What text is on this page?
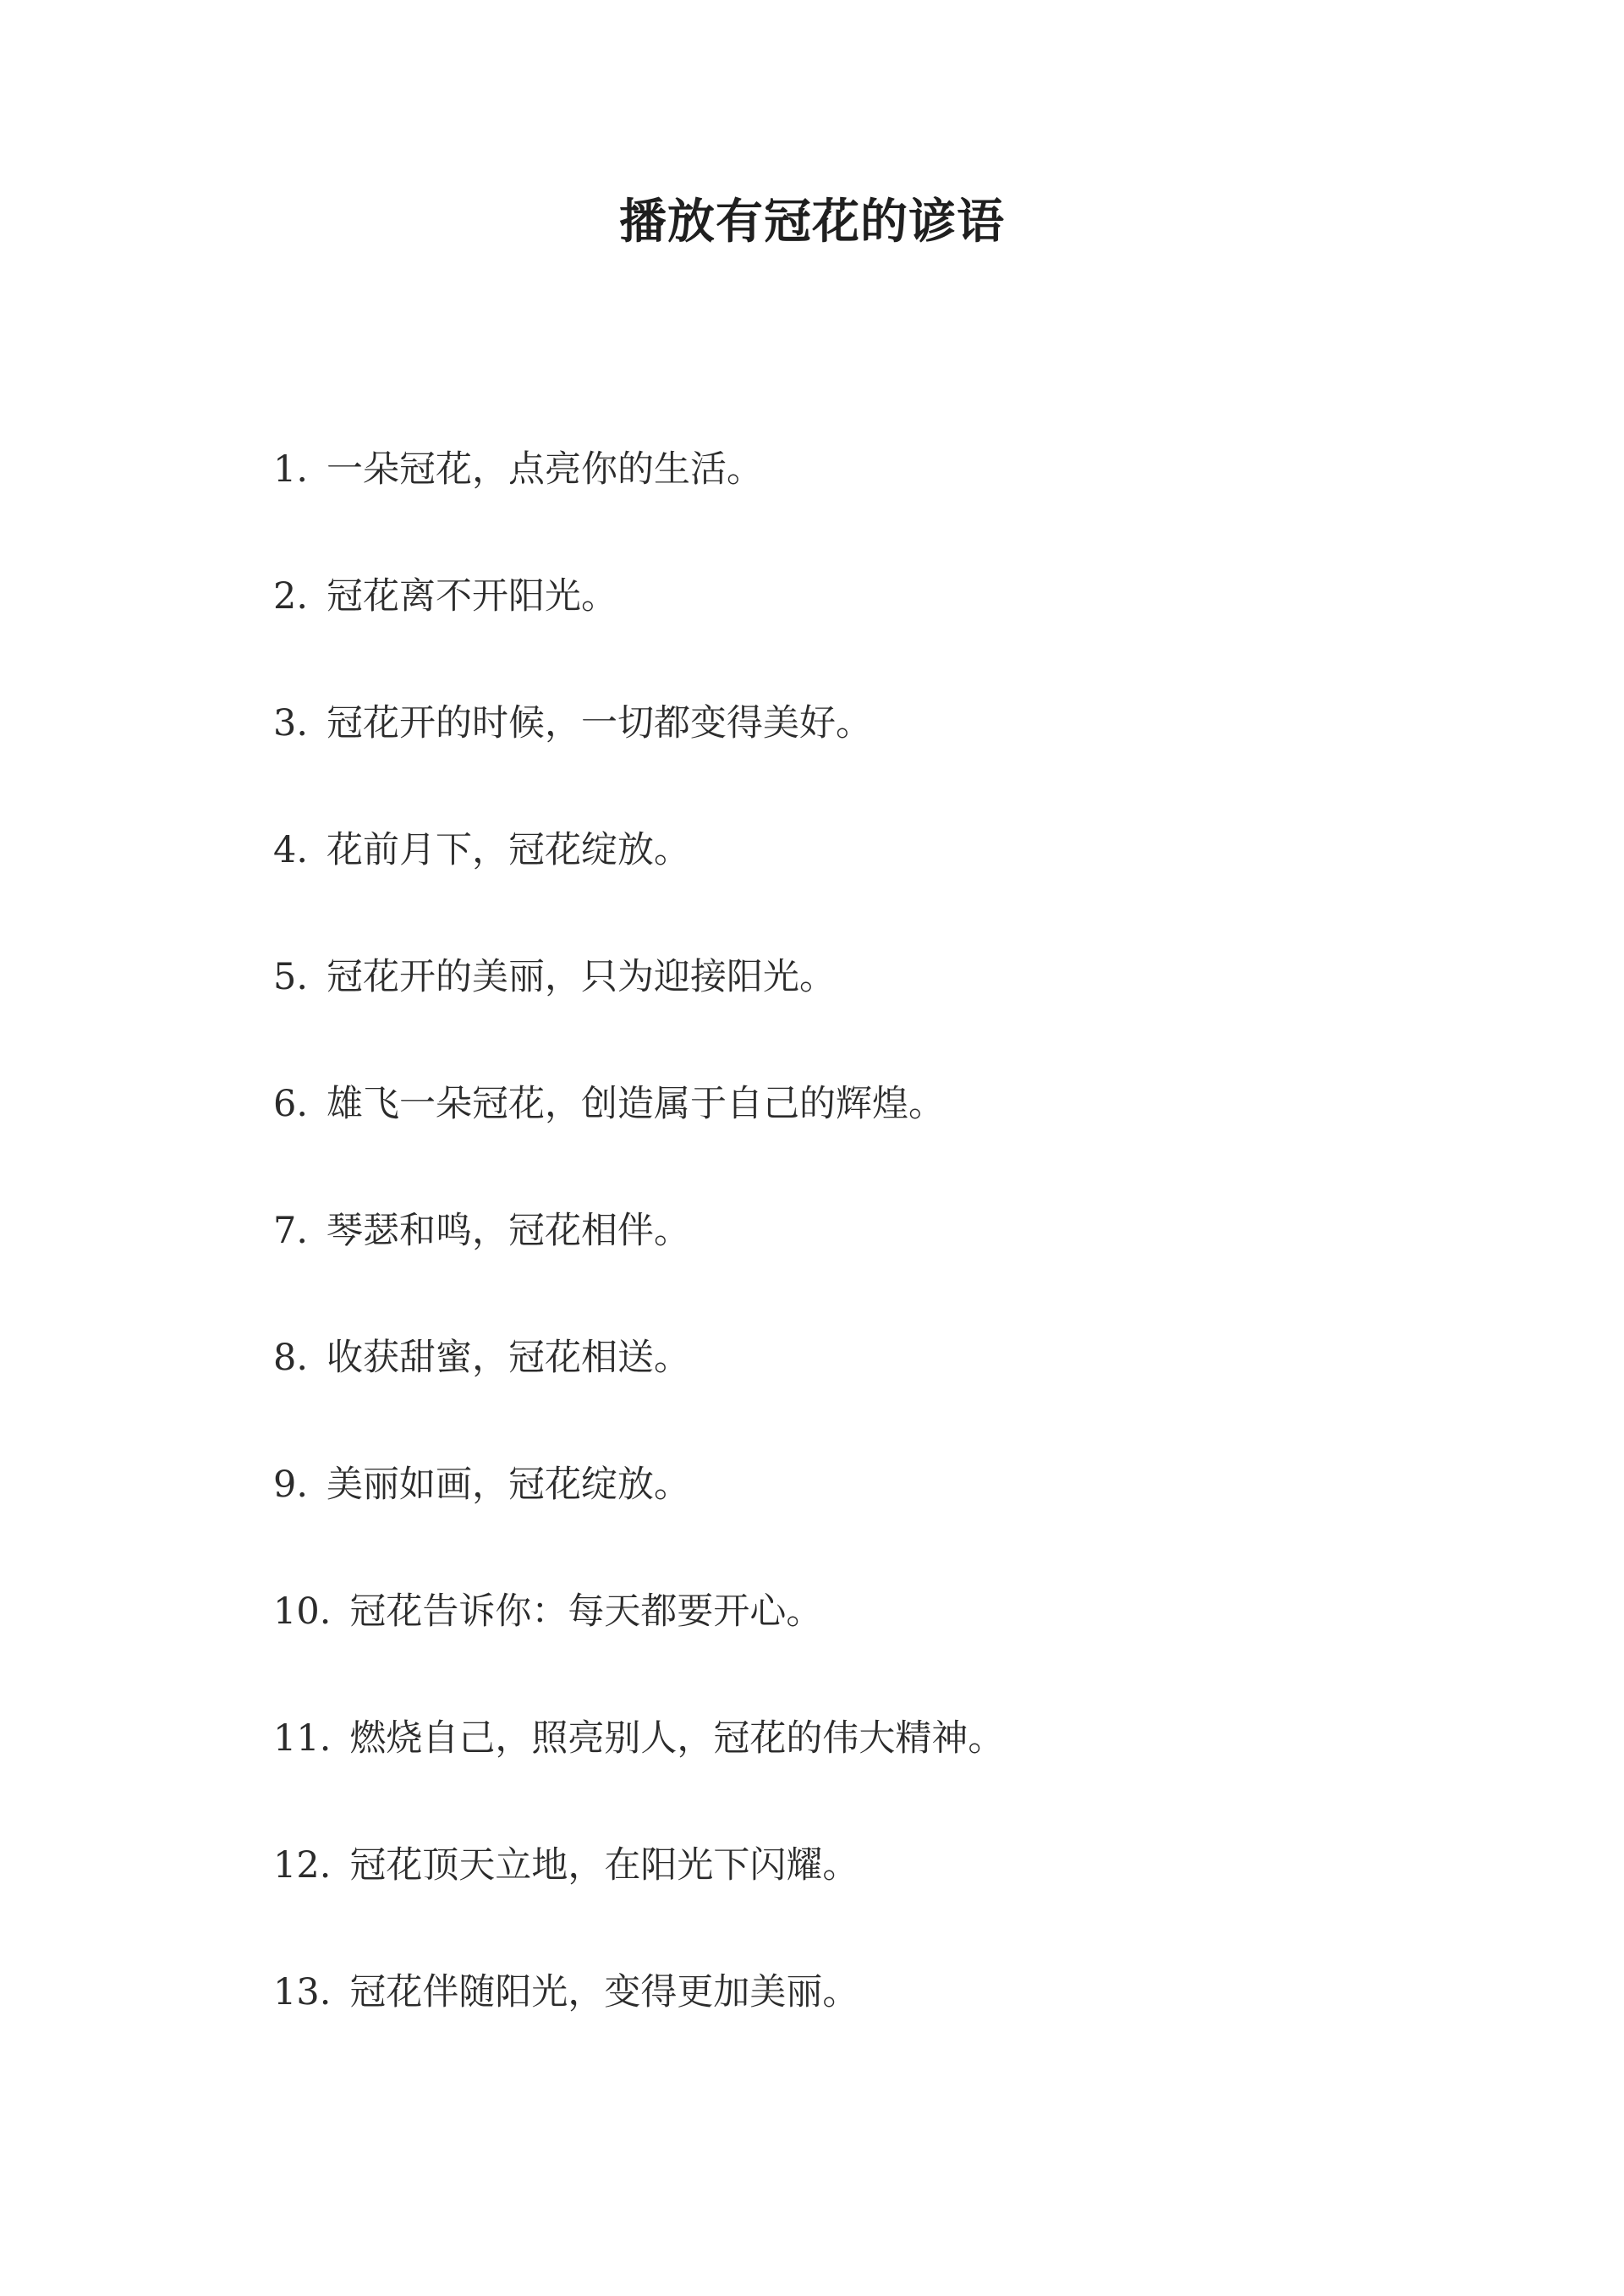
播放有冠花的谚语
1. 一朵冠花，点亮你的生活。
2. 冠花离不开阳光。
3. 冠花开的时候，一切都变得美好。
4. 花前月下，冠花绽放。
5. 冠花开的美丽，只为迎接阳光。
6. 雄飞一朵冠花，创造属于自己的辉煌。
7. 琴瑟和鸣，冠花相伴。
8. 收获甜蜜，冠花相送。
9. 美丽如画，冠花绽放。
10. 冠花告诉你：每天都要开心。
11. 燃烧自己，照亮别人，冠花的伟大精神。
12. 冠花顶天立地，在阳光下闪耀。
13. 冠花伴随阳光，变得更加美丽。
